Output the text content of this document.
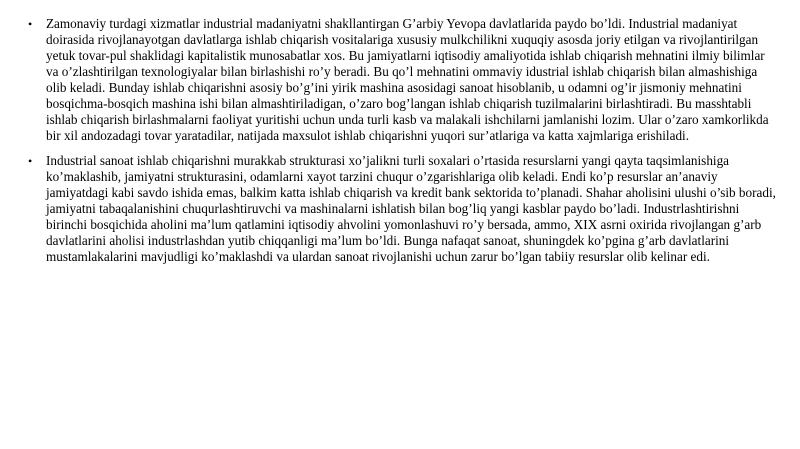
• Zamonaviy turdagi xizmatlar industrial madaniyatni shakllantirgan G’arbiy Yevopa davlatlarida paydo bo’ldi. Industrial madaniyat doirasida rivojlanayotgan davlatlarga ishlab chiqarish vositalariga xususiy mulkchilikni xuquqiy asosda joriy etilgan va rivojlantirilgan yetuk tovar-pul shaklidagi kapitalistik munosabatlar xos. Bu jamiyatlarni iqtisodiy amaliyotida ishlab chiqarish mehnatini ilmiy bilimlar va o’zlashtirilgan texnologiyalar bilan birlashishi ro’y beradi. Bu qo’l mehnatini ommaviy idustrial ishlab chiqarish bilan almashishiga olib keladi. Bunday ishlab chiqarishni asosiy bo’g’ini yirik mashina asosidagi sanoat hisoblanib, u odamni og’ir jismoniy mehnatini bosqichma-bosqich mashina ishi bilan almashtiriladigan, o’zaro bog’langan ishlab chiqarish tuzilmalarini birlashtiradi. Bu masshtabli ishlab chiqarish birlashmalarni faoliyat yuritishi uchun unda turli kasb va malakali ishchilarni jamlanishi lozim. Ular o’zaro xamkorlikda bir xil andozadagi tovar yaratadilar, natijada maxsulot ishlab chiqarishni yuqori sur’atlariga va katta xajmlariga erishiladi.
• Industrial sanoat ishlab chiqarishni murakkab strukturasi xo’jalikni turli soxalari o’rtasida resurslarni yangi qayta taqsimlanishiga ko’maklashib, jamiyatni strukturasini, odamlarni xayot tarzini chuqur o’zgarishlariga olib keladi. Endi ko’p resurslar an’anaviy jamiyatdagi kabi savdo ishida emas, balkim katta ishlab chiqarish va kredit bank sektorida to’planadi. Shahar aholisini ulushi o’sib boradi, jamiyatni tabaqalanishini chuqurlashtiruvchi va mashinalarni ishlatish bilan bog’liq yangi kasblar paydo bo’ladi. Industrlashtirishni birinchi bosqichida aholini ma’lum qatlamini iqtisodiy ahvolini yomonlashuvi ro’y bersada, ammo, XIX asrni oxirida rivojlangan g’arb davlatlarini aholisi industrlashdan yutib chiqqanligi ma’lum bo’ldi. Bunga nafaqat sanoat, shuningdek ko’pgina g’arb davlatlarini mustamlakalarini mavjudligi ko’maklashdi va ulardan sanoat rivojlanishi uchun zarur bo’lgan tabiiy resurslar olib kelinar edi.
